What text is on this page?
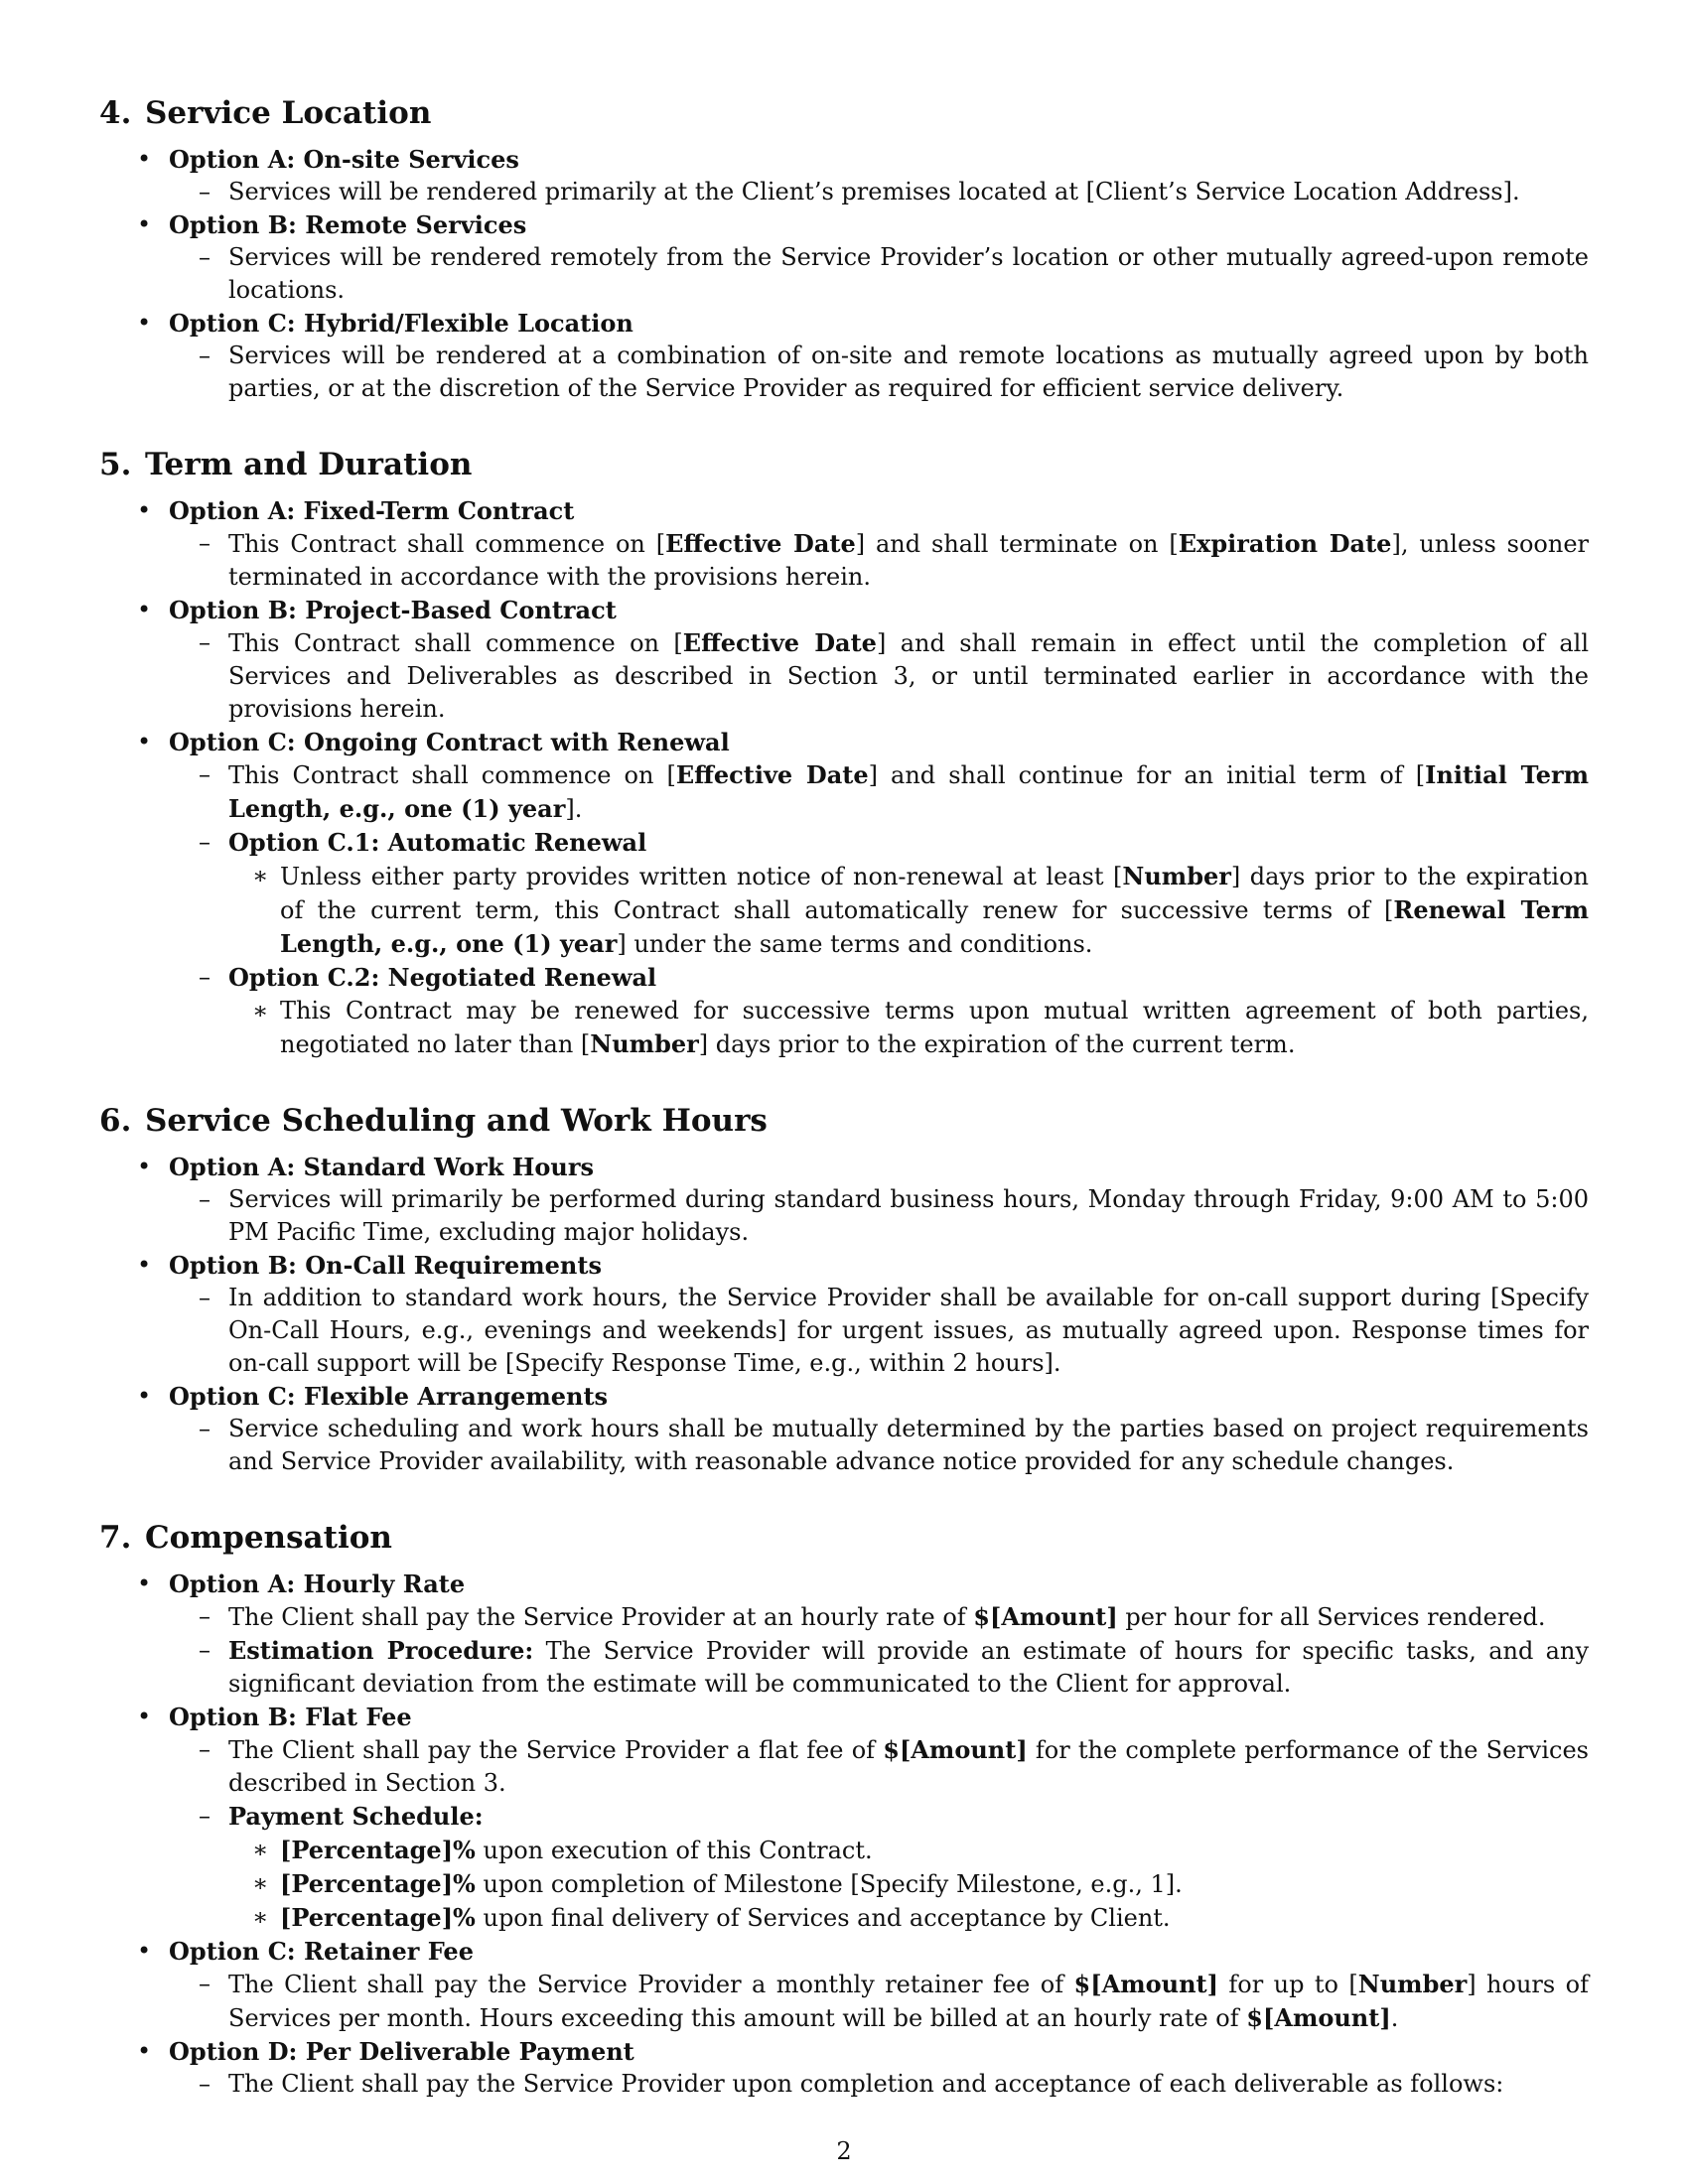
4. Service Location
• Option A: On-site Services
– Services will be rendered primarily at the Client’s premises located at [Client’s Service Location Address].
• Option B: Remote Services
– Services will be rendered remotely from the Service Provider’s location or other mutually agreed-upon remote locations.
• Option C: Hybrid/Flexible Location
– Services will be rendered at a combination of on-site and remote locations as mutually agreed upon by both parties, or at the discretion of the Service Provider as required for efficient service delivery.
5. Term and Duration
• Option A: Fixed-Term Contract
– This Contract shall commence on [Effective Date] and shall terminate on [Expiration Date], unless sooner terminated in accordance with the provisions herein.
• Option B: Project-Based Contract
– This Contract shall commence on [Effective Date] and shall remain in effect until the completion of all Services and Deliverables as described in Section 3, or until terminated earlier in accordance with the provisions herein.
• Option C: Ongoing Contract with Renewal
– This Contract shall commence on [Effective Date] and shall continue for an initial term of [Initial Term Length, e.g., one (1) year].
– Option C.1: Automatic Renewal
∗ Unless either party provides written notice of non-renewal at least [Number] days prior to the expiration of the current term, this Contract shall automatically renew for successive terms of [Renewal Term Length, e.g., one (1) year] under the same terms and conditions.
– Option C.2: Negotiated Renewal
∗ This Contract may be renewed for successive terms upon mutual written agreement of both parties, negotiated no later than [Number] days prior to the expiration of the current term.
6. Service Scheduling and Work Hours
• Option A: Standard Work Hours
– Services will primarily be performed during standard business hours, Monday through Friday, 9:00 AM to 5:00 PM Pacific Time, excluding major holidays.
• Option B: On-Call Requirements
– In addition to standard work hours, the Service Provider shall be available for on-call support during [Specify On-Call Hours, e.g., evenings and weekends] for urgent issues, as mutually agreed upon. Response times for on-call support will be [Specify Response Time, e.g., within 2 hours].
• Option C: Flexible Arrangements
– Service scheduling and work hours shall be mutually determined by the parties based on project requirements and Service Provider availability, with reasonable advance notice provided for any schedule changes.
7. Compensation
• Option A: Hourly Rate
– The Client shall pay the Service Provider at an hourly rate of $[Amount] per hour for all Services rendered.
– Estimation Procedure: The Service Provider will provide an estimate of hours for specific tasks, and any significant deviation from the estimate will be communicated to the Client for approval.
• Option B: Flat Fee
– The Client shall pay the Service Provider a flat fee of $[Amount] for the complete performance of the Services described in Section 3.
– Payment Schedule:
∗ [Percentage]% upon execution of this Contract.
∗ [Percentage]% upon completion of Milestone [Specify Milestone, e.g., 1].
∗ [Percentage]% upon final delivery of Services and acceptance by Client.
• Option C: Retainer Fee
– The Client shall pay the Service Provider a monthly retainer fee of $[Amount] for up to [Number] hours of Services per month. Hours exceeding this amount will be billed at an hourly rate of $[Amount].
• Option D: Per Deliverable Payment
– The Client shall pay the Service Provider upon completion and acceptance of each deliverable as follows:
2
